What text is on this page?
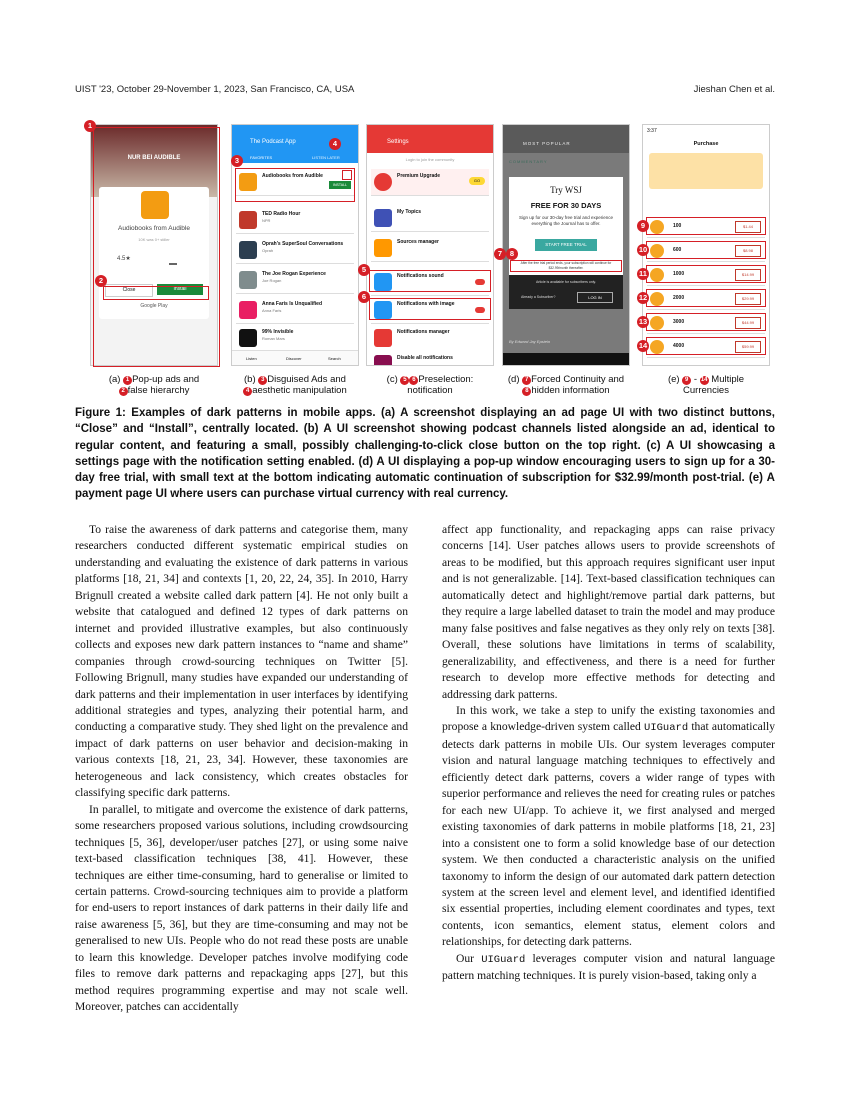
UIST '23, October 29-November 1, 2023, San Francisco, CA, USA	Jieshan Chen et al.
NUR BEI AUDIBLE
Audiobooks from Audible
10K was 0+ stiller
4.5★
Close	Install
Google Play
1
2
The Podcast App
FAVORITES	LISTEN LATER
Audiobooks from Audible
INSTALL
TED Radio Hour
NPR
Oprah's SuperSoul Conversations
Oprah
The Joe Rogan Experience
Joe Rogan
Anna Faris Is Unqualified
Anna Faris
99% Invisible
Roman Mars
Listen	Discover	Search
3
4	Settings
Login to join the community
Premium Upgrade
GO
My Topics
Sources manager
Notifications sound
Notifications with image
Notifications manager
Disable all notifications
5
6
MOST POPULAR
COMMENTARY
Try WSJ
FREE FOR 30 DAYS
Sign up for our 30-day free trial and experience everything the Journal has to offer.
START FREE TRIAL
After the free trial period ends, your subscription will continue for $32.99/month thereafter.
Article is available for subscribers only.
Already a Subscriber?	LOG IN
By Edward Jay Epstein
7	8
3:37
Purchase
100	$1.44
600	$8.98
1000	$14.99
2000	$29.99
3000	$44.99
4000	$59.99
9
10
11
12
13
14
(a) 1 Pop-up ads and
2 false hierarchy
(b) 3 Disguised Ads and
4 aesthetic manipulation
(c) 5 6 Preselection:
notification
(d) 7 Forced Continuity and
8 hidden information
(e) 9 - 14 Multiple
Currencies

Figure 1: Examples of dark patterns in mobile apps. (a) A screenshot displaying an ad page UI with two distinct buttons, “Close” and “Install”, centrally located. (b) A UI screenshot showing podcast channels listed alongside an ad, identical to regular content, and featuring a small, possibly challenging-to-click close button on the top right. (c) A UI showcasing a settings page with the notification setting enabled. (d) A UI displaying a pop-up window encouraging users to sign up for a 30-day free trial, with small text at the bottom indicating automatic continuation of subscription for $32.99/month post-trial. (e) A payment page UI where users can purchase virtual currency with real currency.

To raise the awareness of dark patterns and categorise them, many researchers conducted different systematic empirical studies on understanding and evaluating the existence of dark patterns in various platforms [18, 21, 34] and contexts [1, 20, 22, 24, 35]. In 2010, Harry Brignull created a website called dark pattern [4]. He not only built a website that catalogued and defined 12 types of dark patterns on internet and provided illustrative examples, but also continuously collects and exposes new dark pattern instances to “name and shame” companies through crowd-sourcing techniques on Twitter [5]. Following Brignull, many studies have expanded our understanding of dark patterns and their implementation in user interfaces by identifying additional strategies and types, analyzing their potential harm, and conducting a comparative study. They shed light on the prevalence and impact of dark patterns on user behavior and decision-making in various contexts [18, 21, 23, 34]. However, these taxonomies are heterogeneous and lack consistency, which creates obstacles for classifying specific dark patterns.

In parallel, to mitigate and overcome the existence of dark patterns, some researchers proposed various solutions, including crowdsourcing techniques [5, 36], developer/user patches [27], or using some naive text-based classification techniques [38, 41]. However, these techniques are either time-consuming, hard to generalise or limited to certain patterns. Crowd-sourcing techniques aim to provide a platform for end-users to report instances of dark patterns in their daily life and raise awareness [5, 36], but they are time-consuming and may not be generalised to new UIs. People who do not read these posts are unable to learn this knowledge. Developer patches involve modifying code files to remove dark patterns and repackaging apps [27], but this method requires programming expertise and may not scale well. Moreover, patches can accidentally

affect app functionality, and repackaging apps can raise privacy concerns [14]. User patches allows users to provide screenshots of areas to be modified, but this approach requires significant user input and is not generalizable. [14]. Text-based classification techniques can automatically detect and highlight/remove partial dark patterns, but they require a large labelled dataset to train the model and may produce many false positives and false negatives as they only rely on texts [38]. Overall, these solutions have limitations in terms of scalability, generalizability, and effectiveness, and there is a need for further research to develop more effective methods for detecting and addressing dark patterns.

In this work, we take a step to unify the existing taxonomies and propose a knowledge-driven system called UIGuard that automatically detects dark patterns in mobile UIs. Our system leverages computer vision and natural language matching techniques to effectively and efficiently detect dark patterns, covers a wider range of types with superior performance and relieves the need for creating rules or patches for each new UI/app. To achieve it, we first analysed and merged existing taxonomies of dark patterns in mobile platforms [18, 21, 23] into a consistent one to form a solid knowledge base of our detection system. We then conducted a characteristic analysis on the unified taxonomy to inform the design of our automated dark pattern detection system at the screen level and element level, and identified identified six essential properties, including element coordinates and types, text contents, icon semantics, element status, element colors and relationships, for detecting dark patterns.

Our UIGuard leverages computer vision and natural language pattern matching techniques. It is purely vision-based, taking only a
